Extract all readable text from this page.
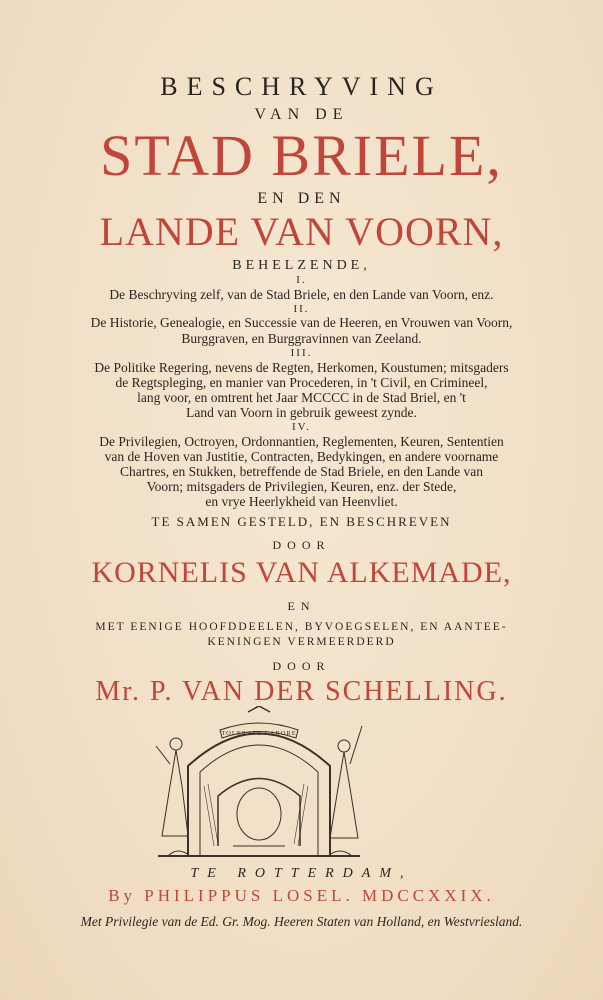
BESCHRYVING
VAN DE
STAD BRIELE,
EN DEN
LANDE VAN VOORN,
BEHELZENDE,
I.
De Beschryving zelf, van de Stad Briele, en den Lande van Voorn, enz.
II.
De Historie, Genealogie, en Successie van de Heeren, en Vrouwen van Voorn,
Burggraven, en Burggravinnen van Zeeland.
III.
De Politike Regering, nevens de Regten, Herkomen, Koustumen; mitsgaders
de Regtspleging, en manier van Procederen, in 't Civil, en Crimineel,
lang voor, en omtrent het Jaar MCCCC in de Stad Briel, en 't
Land van Voorn in gebruik geweest zynde.
IV.
De Privilegien, Octroyen, Ordonnantien, Reglementen, Keuren, Sententien
van de Hoven van Justitie, Contracten, Bedykingen, en andere voorname
Chartres, en Stukken, betreffende de Stad Briele, en den Lande van
Voorn; mitsgaders de Privilegien, Keuren, enz. der Stede,
en vrye Heerlykheid van Heenvliet.
TE SAMEN GESTELD, EN BESCHREVEN
DOOR
KORNELIS VAN ALKEMADE,
EN
MET EENIGE HOOFDDEELEN, BYVOEGSELEN, EN AANTEE-
KENINGEN VERMEERDERD
DOOR
Mr. P. VAN DER SCHELLING.
TOLERATE LABORE
TE ROTTERDAM,
By PHILIPPUS LOSEL. MDCCXXIX.
Met Privilegie van de Ed. Gr. Mog. Heeren Staten van Holland, en Westvriesland.
